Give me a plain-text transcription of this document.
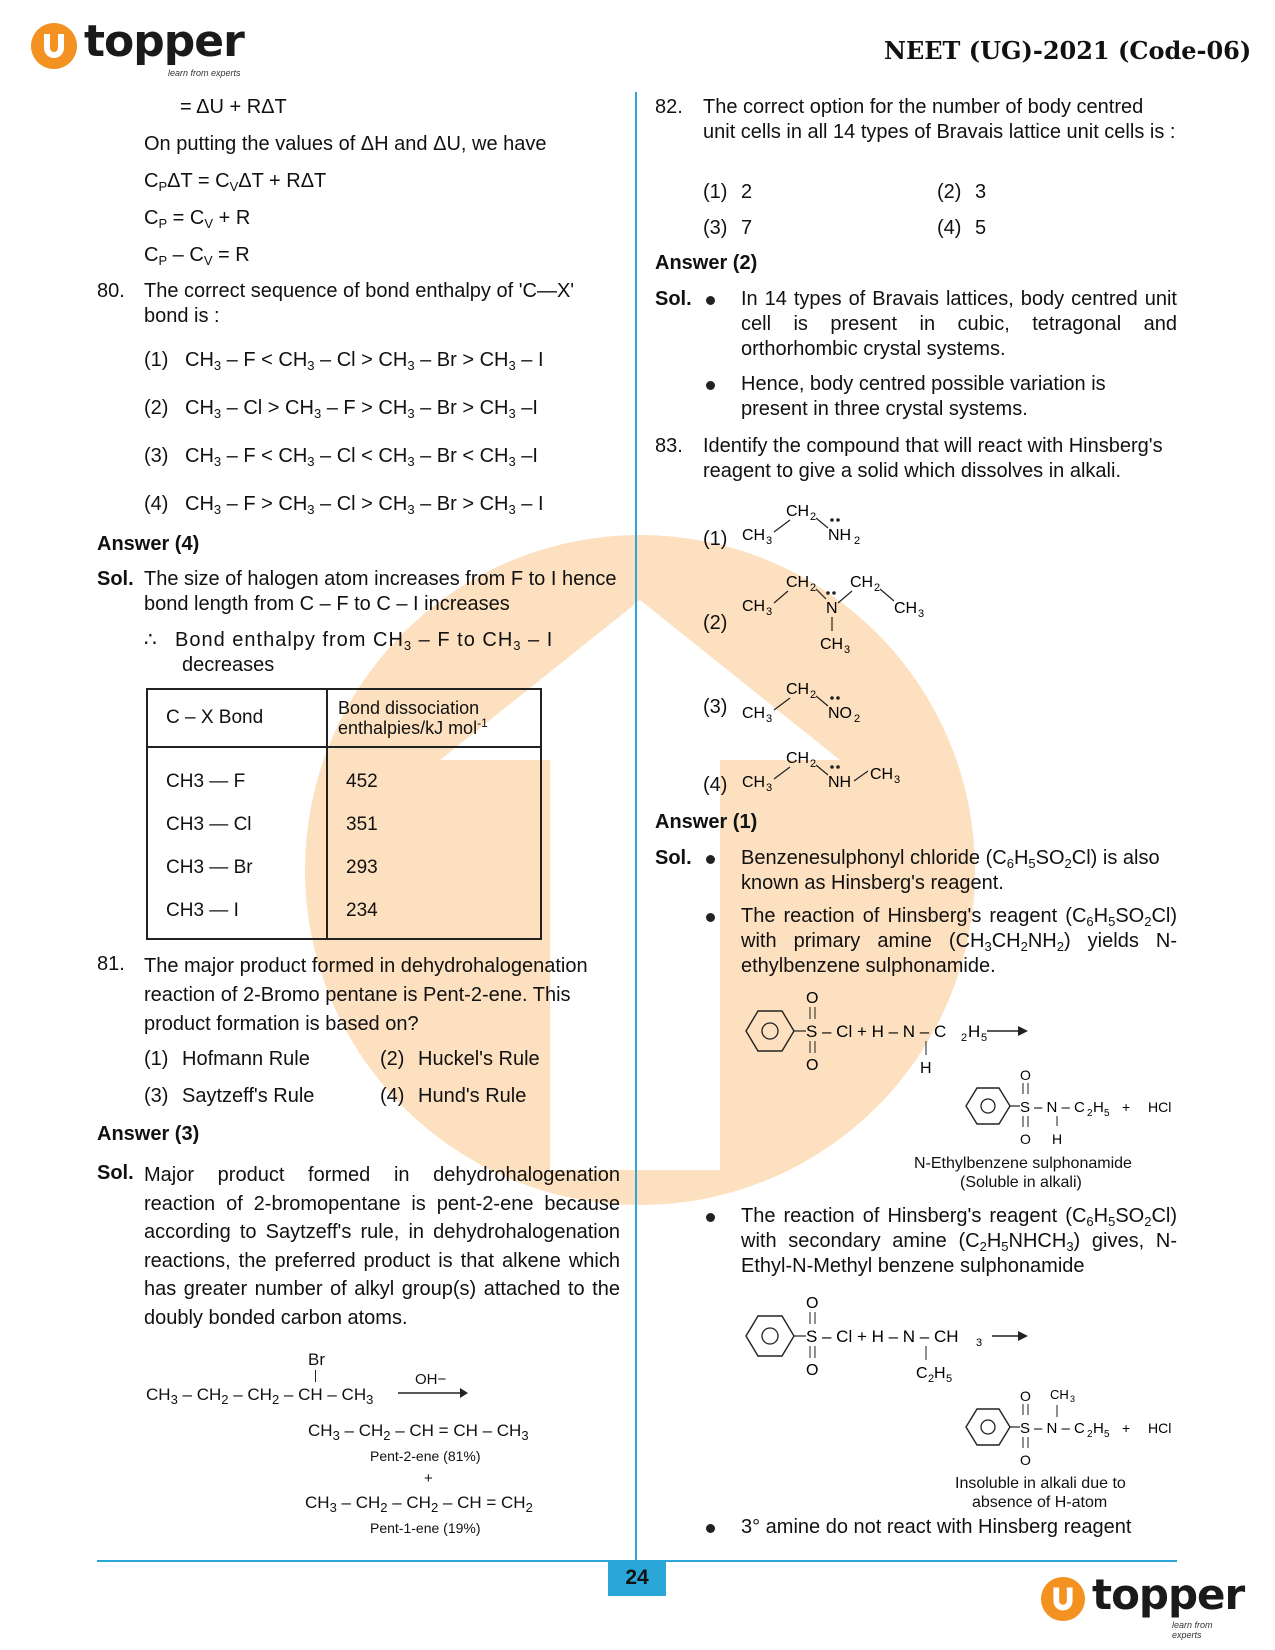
topper
learn from experts
NEET (UG)-2021 (Code-06)
= ΔU + RΔT
On putting the values of ΔH and ΔU, we have
$C_P\Delta T = C_V\Delta T + R\Delta T$
$C_P = C_V + R$
$C_P - C_V = R$
80. The correct sequence of bond enthalpy of 'C—X' bond is :
(1) $CH_3 - F < CH_3 - Cl > CH_3 - Br > CH_3 - I$
(2) $CH_3 - Cl > CH_3 - F > CH_3 - Br > CH_3$ –I
(3) $CH_3 - F < CH_3 - Cl < CH_3 - Br < CH_3$ –I
(4) $CH_3 - F > CH_3 - Cl > CH_3 - Br > CH_3 - I$
Answer (4)
Sol. The size of halogen atom increases from F to I hence bond length from C – F to C – I increases
∴ Bond enthalpy from $CH_3$ – F to $CH_3$ – I
decreases
C – X Bond	Bond dissociation enthalpies/kJ mol$^{-1}$
CH3 — F	452
CH3 — Cl	351
CH3 — Br	293
CH3 — I	234
81. The major product formed in dehydrohalogenation reaction of 2-Bromo pentane is Pent-2-ene. This product formation is based on?
(1) Hofmann Rule	(2) Huckel's Rule
(3) Saytzeff's Rule	(4) Hund's Rule
Answer (3)
Sol. Major product formed in dehydrohalogenation reaction of 2-bromopentane is pent-2-ene because according to Saytzeff's rule, in dehydrohalogenation reactions, the preferred product is that alkene which has greater number of alkyl group(s) attached to the doubly bonded carbon atoms.
Br
$CH_3 - CH_2 - CH_2$ – CH – $CH_3$
OH−
$CH_3 - CH_2$ – CH = CH – $CH_3$
Pent-2-ene (81%)
+
$CH_3 - CH_2 - CH_2$ – CH = $CH_2$
Pent-1-ene (19%)
82. The correct option for the number of body centred unit cells in all 14 types of Bravais lattice unit cells is :
(1) 2	(2) 3
(3) 7	(4) 5
Answer (2)
Sol. In 14 types of Bravais lattices, body centred unit cell is present in cubic, tetragonal and orthorhombic crystal systems.
Hence, body centred possible variation is present in three crystal systems.
83. Identify the compound that will react with Hinsberg's reagent to give a solid which dissolves in alkali.
(1) CH 3
CH 2
NH 2
(2)
CH 3
CH 2
N
CH 2
CH 3
CH 3
(3) CH 3
CH 2
NO 2
(4) CH 3
CH 2
NH CH 3
Answer (1)
Sol. Benzenesulphonyl chloride $(C_6H_5SO_2Cl)$ is also known as Hinsberg's reagent.
The reaction of Hinsberg's reagent $(C_6H_5SO_2Cl)$ with primary amine $(CH_3CH_2NH_2)$ yields N-ethylbenzene sulphonamide.
.
S
O
O
– Cl + H – N – C 2 H 5
H
S
O
O
– N – C 2 H 5 + HCl
H
N-Ethylbenzene sulphonamide
(Soluble in alkali)
The reaction of Hinsberg's reagent $(C_6H_5SO_2Cl)$ with secondary amine $(C_2H_5NHCH_3)$ gives, N-Ethyl-N-Methyl benzene sulphonamide
S
O
O
– Cl + H – N – CH 3
C 2 H 5
S
O
O
– N – C 2 H 5 + HCl
CH 3
Insoluble in alkali due to
absence of H-atom
3° amine do not react with Hinsberg reagent
24	topper
learn from experts
